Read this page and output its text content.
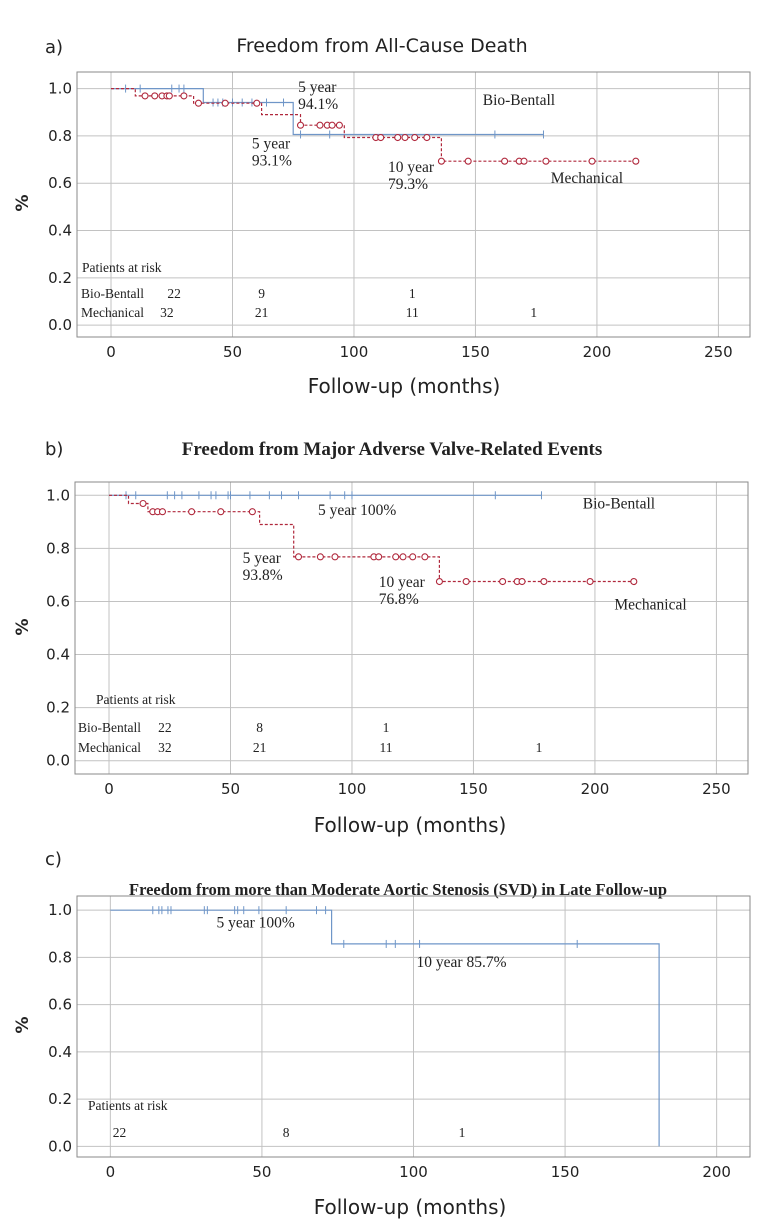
a)	Freedom from All-Cause Death
0	50	100	150	200	250
0.0
0.2
0.4
0.6
0.8
1.0	5 year 94.1%
5 year 93.1%	10 year 79.3%
Bio-Bentall
Mechanical
Patients at risk
Bio-Bentall 22	9	1
Mechanical 32	21	11	1
Follow-up (months)
%
b)	Freedom from Major Adverse Valve-Related Events
0	50	100	150	200	250
0.0
0.2
0.4
0.6
0.8
1.0
5 year 100%
5 year 93.8%	10 year 76.8%
Bio-Bentall
Mechanical
Patients at risk
Bio-Bentall 22	8	1
Mechanical 32	21	11	1
Follow-up (months)
%
c)
Freedom from more than Moderate Aortic Stenosis (SVD) in Late Follow-up
0	50	100	150	200
0.0
0.2
0.4
0.6
0.8
1.0
5 year 100%
10 year 85.7%
Patients at risk
22	8	1
Follow-up (months)
%
